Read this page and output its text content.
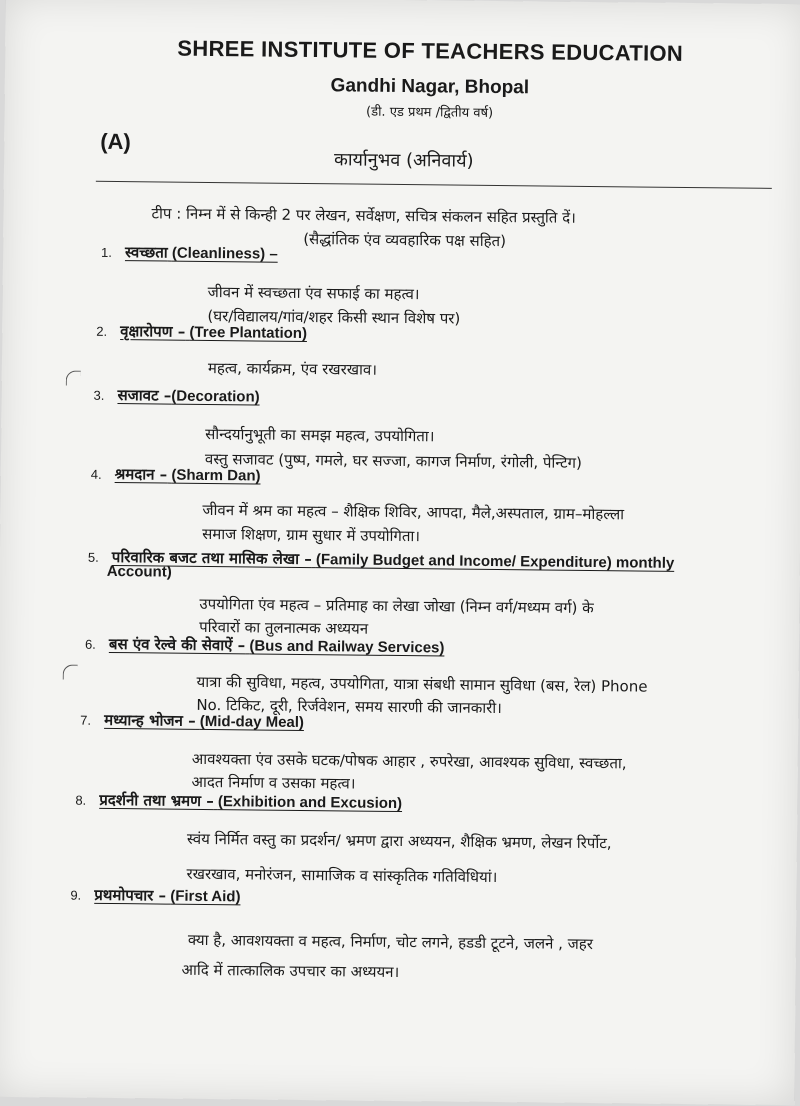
SHREE INSTITUTE OF TEACHERS EDUCATION
Gandhi Nagar, Bhopal
(डी. एड प्रथम /द्वितीय वर्ष)
(A)
कार्यानुभव (अनिवार्य)
टीप : निम्न में से किन्ही 2 पर लेखन, सर्वेक्षण, सचित्र संकलन सहित प्रस्तुति दें।
(सैद्धांतिक एंव व्यवहारिक पक्ष सहित)
1. स्वच्छता (Cleanliness) –
जीवन में स्वच्छता एंव सफाई का महत्व।
(घर/विद्यालय/गांव/शहर किसी स्थान विशेष पर)
2. वृक्षारोपण – (Tree Plantation)
महत्व, कार्यक्रम, एंव रखरखाव।
3. सजावट –(Decoration)
सौन्दर्यानुभूती का समझ महत्व, उपयोगिता।
वस्तु सजावट (पुष्प, गमले, घर सज्जा, कागज निर्माण, रंगोली, पेन्टिग)
4. श्रमदान – (Sharm Dan)
जीवन में श्रम का महत्व – शैक्षिक शिविर, आपदा, मैले,अस्पताल, ग्राम–मोहल्ला
समाज शिक्षण, ग्राम सुधार में उपयोगिता।
5. परिवारिक बजट तथा मासिक लेखा – (Family Budget and Income/ Expenditure) monthly
Account)
उपयोगिता एंव महत्व – प्रतिमाह का लेखा जोखा (निम्न वर्ग/मध्यम वर्ग) के
परिवारों का तुलनात्मक अध्ययन
6. बस एंव रेल्वे की सेवाऐं – (Bus and Railway Services)
यात्रा की सुविधा, महत्व, उपयोगिता, यात्रा संबधी सामान सुविधा (बस, रेल) Phone
No. टिकिट, दूरी, रिर्जवेशन, समय सारणी की जानकारी।
7. मध्यान्ह भोजन – (Mid-day Meal)
आवश्यक्ता एंव उसके घटक/पोषक आहार , रुपरेखा, आवश्यक सुविधा, स्वच्छता,
आदत निर्माण व उसका महत्व।
8. प्रदर्शनी तथा भ्रमण – (Exhibition and Excusion)
स्वंय निर्मित वस्तु का प्रदर्शन/ भ्रमण द्वारा अध्ययन, शैक्षिक भ्रमण, लेखन रिर्पोट,
रखरखाव, मनोरंजन, सामाजिक व सांस्कृतिक गतिविधियां।
9. प्रथमोपचार – (First Aid)
क्या है, आवशयक्ता व महत्व, निर्माण, चोट लगने, हडडी टूटने, जलने , जहर
आदि में तात्कालिक उपचार का अध्ययन।
